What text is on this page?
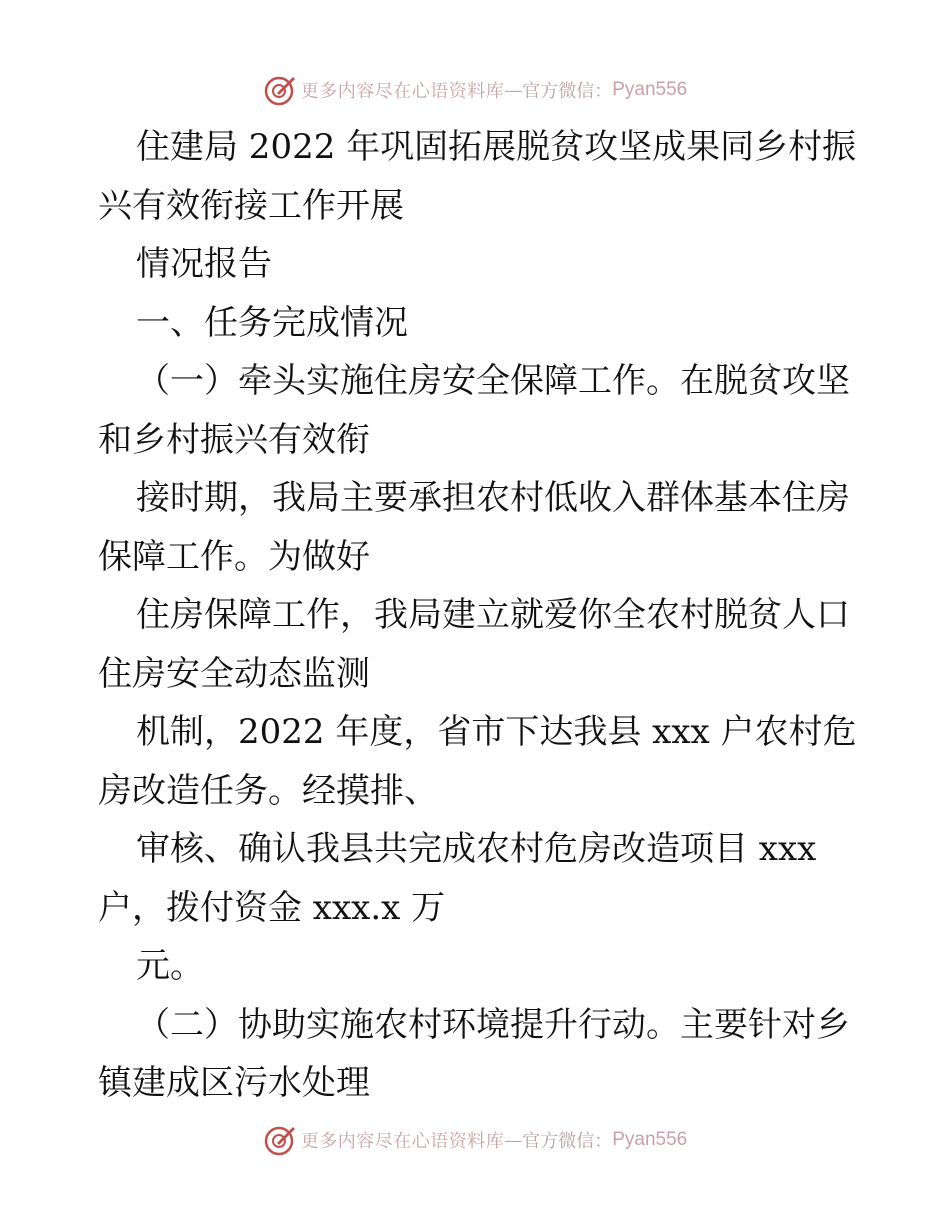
更多内容尽在心语资料库 — 官方微信： Pyan556

住建局 2022 年巩固拓展脱贫攻坚成果同乡村振

兴有效衔接工作开展

情况报告

一、任务完成情况

（一）牵头实施住房安全保障工作。在脱贫攻坚

和乡村振兴有效衔

接时期，我局主要承担农村低收入群体基本住房

保障工作。为做好

住房保障工作，我局建立就爱你全农村脱贫人口

住房安全动态监测

机制，2022 年度，省市下达我县 xxx 户农村危

房改造任务。经摸排、

审核、确认我县共完成农村危房改造项目 xxx

户，拨付资金 xxx.x 万

元。

（二）协助实施农村环境提升行动。主要针对乡

镇建成区污水处理

更多内容尽在心语资料库 — 官方微信： Pyan556
